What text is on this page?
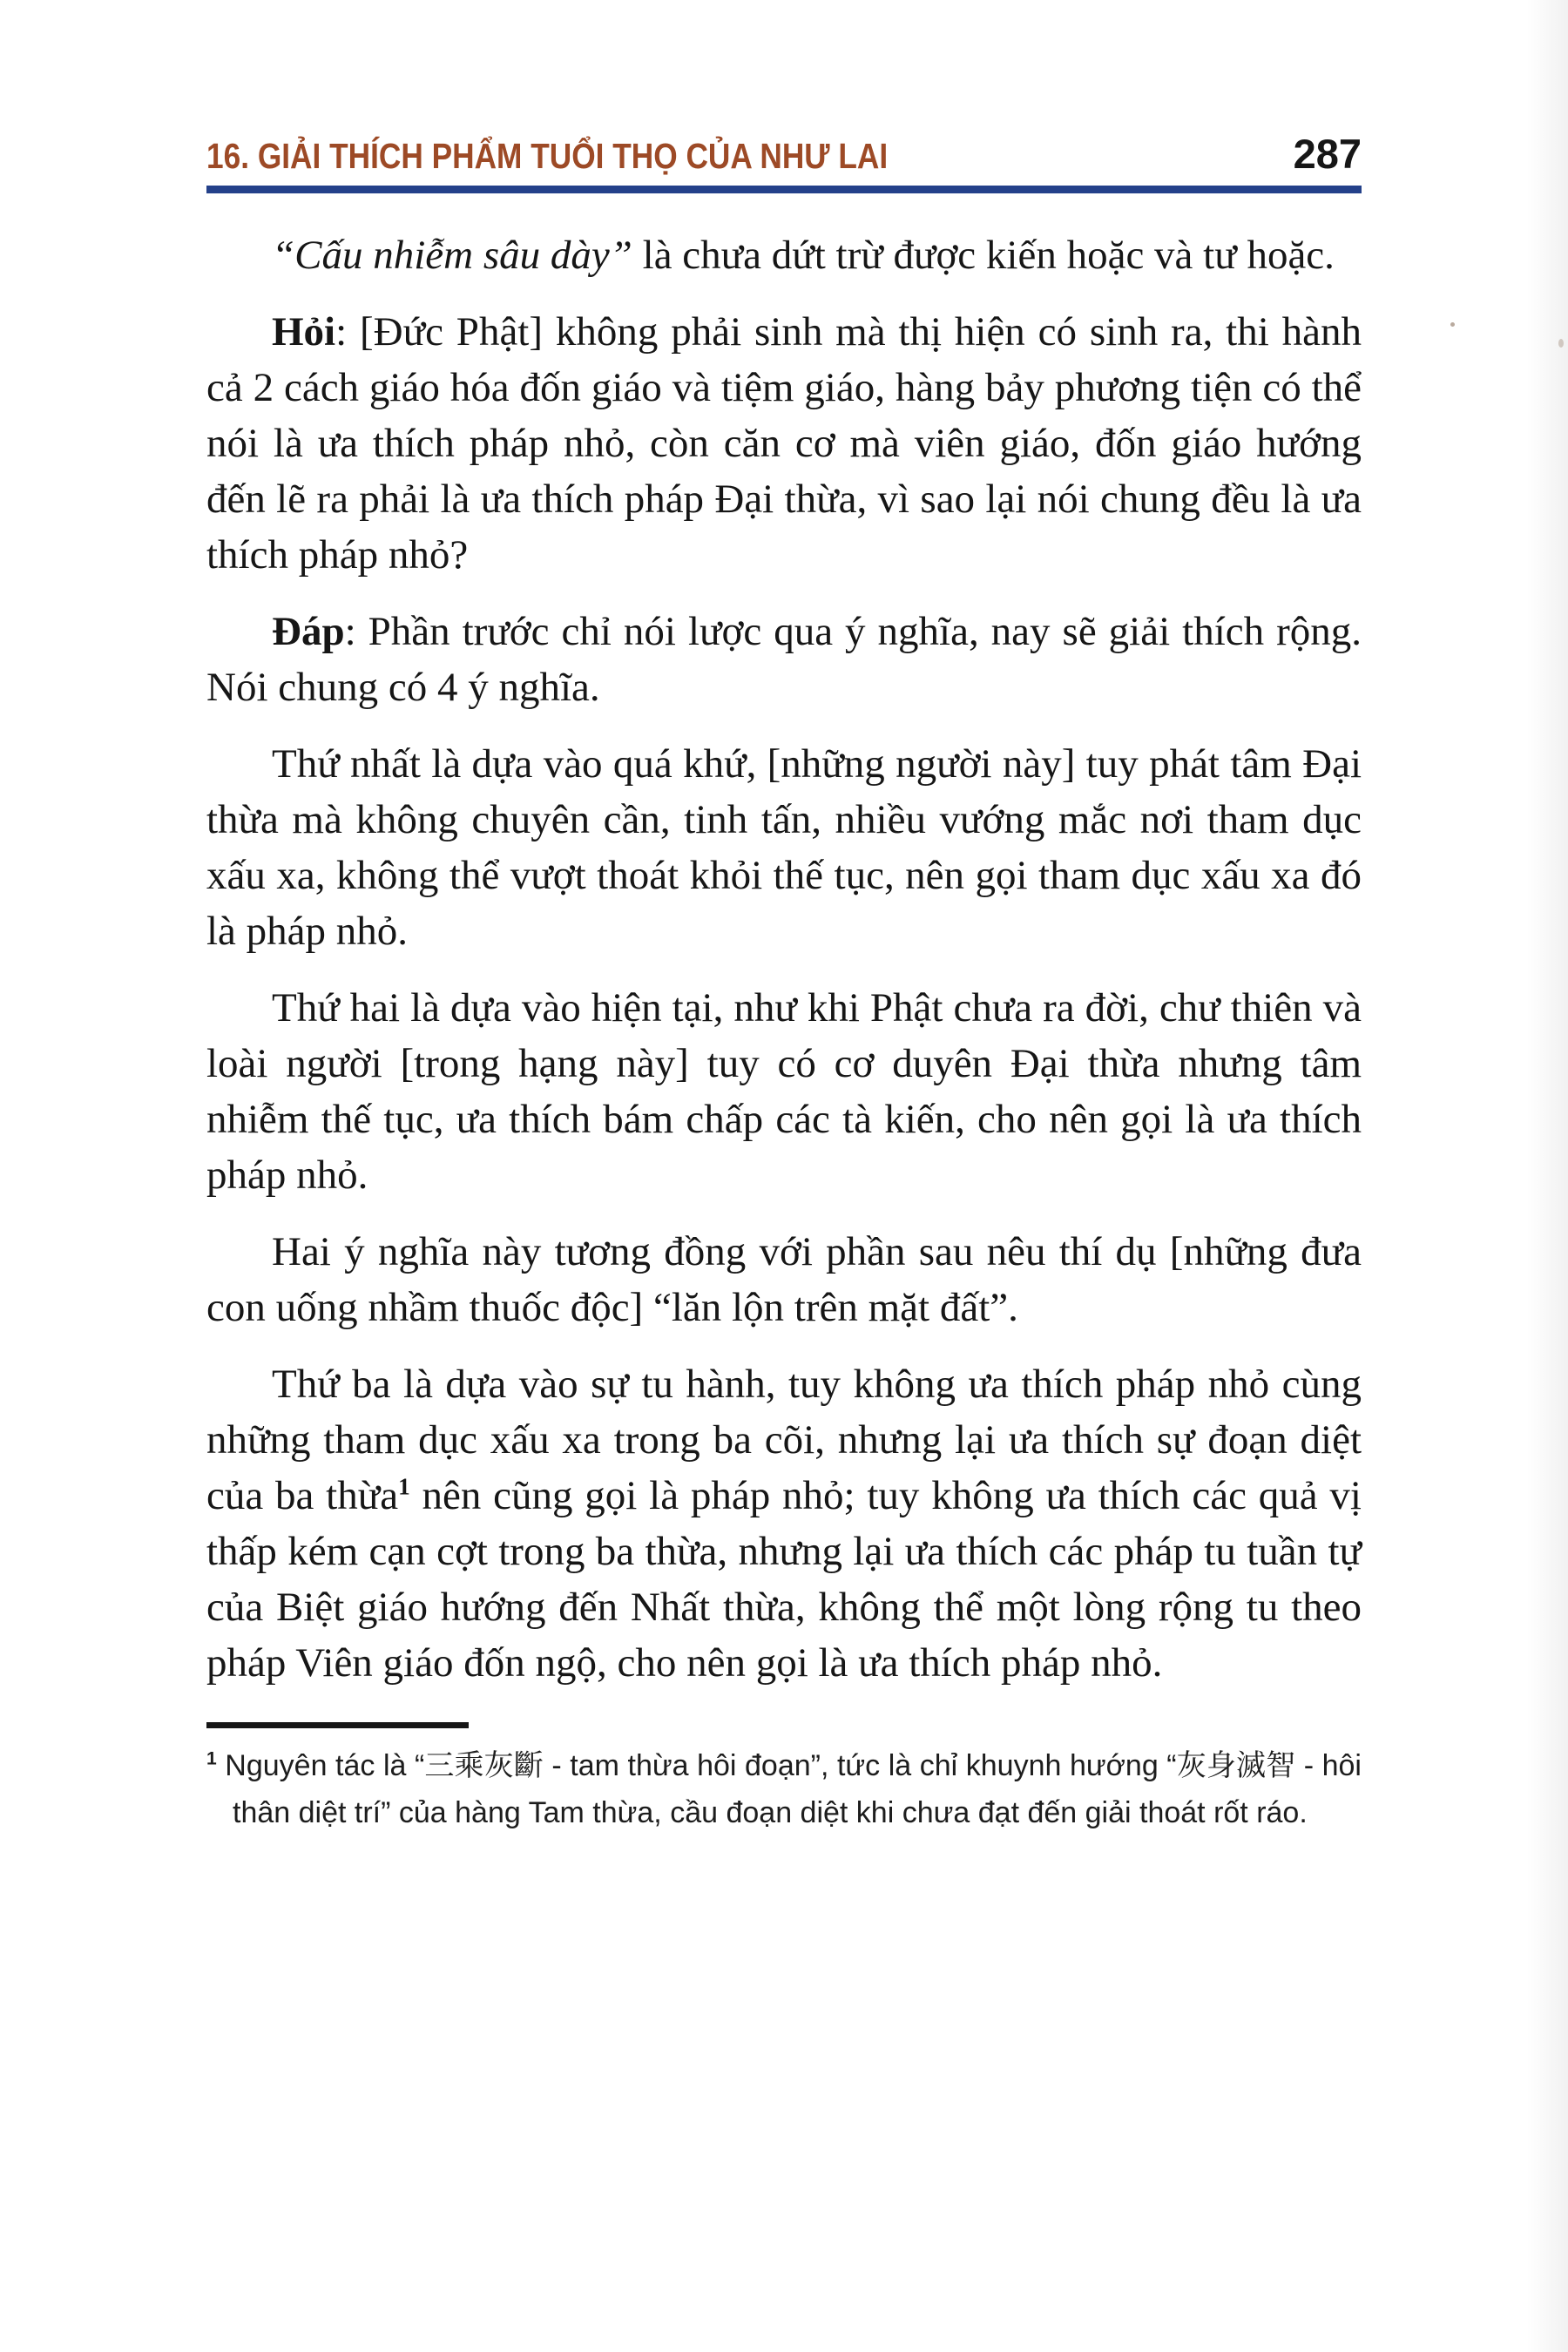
16. GIẢI THÍCH PHẨM TUỔI THỌ CỦA NHƯ LAI	287

“Cấu nhiễm sâu dày” là chưa dứt trừ được kiến hoặc và tư hoặc.

Hỏi: [Đức Phật] không phải sinh mà thị hiện có sinh ra, thi hành cả 2 cách giáo hóa đốn giáo và tiệm giáo, hàng bảy phương tiện có thể nói là ưa thích pháp nhỏ, còn căn cơ mà viên giáo, đốn giáo hướng đến lẽ ra phải là ưa thích pháp Đại thừa, vì sao lại nói chung đều là ưa thích pháp nhỏ?

Đáp: Phần trước chỉ nói lược qua ý nghĩa, nay sẽ giải thích rộng. Nói chung có 4 ý nghĩa.

Thứ nhất là dựa vào quá khứ, [những người này] tuy phát tâm Đại thừa mà không chuyên cần, tinh tấn, nhiều vướng mắc nơi tham dục xấu xa, không thể vượt thoát khỏi thế tục, nên gọi tham dục xấu xa đó là pháp nhỏ.

Thứ hai là dựa vào hiện tại, như khi Phật chưa ra đời, chư thiên và loài người [trong hạng này] tuy có cơ duyên Đại thừa nhưng tâm nhiễm thế tục, ưa thích bám chấp các tà kiến, cho nên gọi là ưa thích pháp nhỏ.

Hai ý nghĩa này tương đồng với phần sau nêu thí dụ [những đưa con uống nhầm thuốc độc] “lăn lộn trên mặt đất”.

Thứ ba là dựa vào sự tu hành, tuy không ưa thích pháp nhỏ cùng những tham dục xấu xa trong ba cõi, nhưng lại ưa thích sự đoạn diệt của ba thừa$^1$ nên cũng gọi là pháp nhỏ; tuy không ưa thích các quả vị thấp kém cạn cợt trong ba thừa, nhưng lại ưa thích các pháp tu tuần tự của Biệt giáo hướng đến Nhất thừa, không thể một lòng rộng tu theo pháp Viên giáo đốn ngộ, cho nên gọi là ưa thích pháp nhỏ.

$^1$ Nguyên tác là “三乘灰斷 - tam thừa hôi đoạn”, tức là chỉ khuynh hướng “灰身滅智 - hôi thân diệt trí” của hàng Tam thừa, cầu đoạn diệt khi chưa đạt đến giải thoát rốt ráo.
